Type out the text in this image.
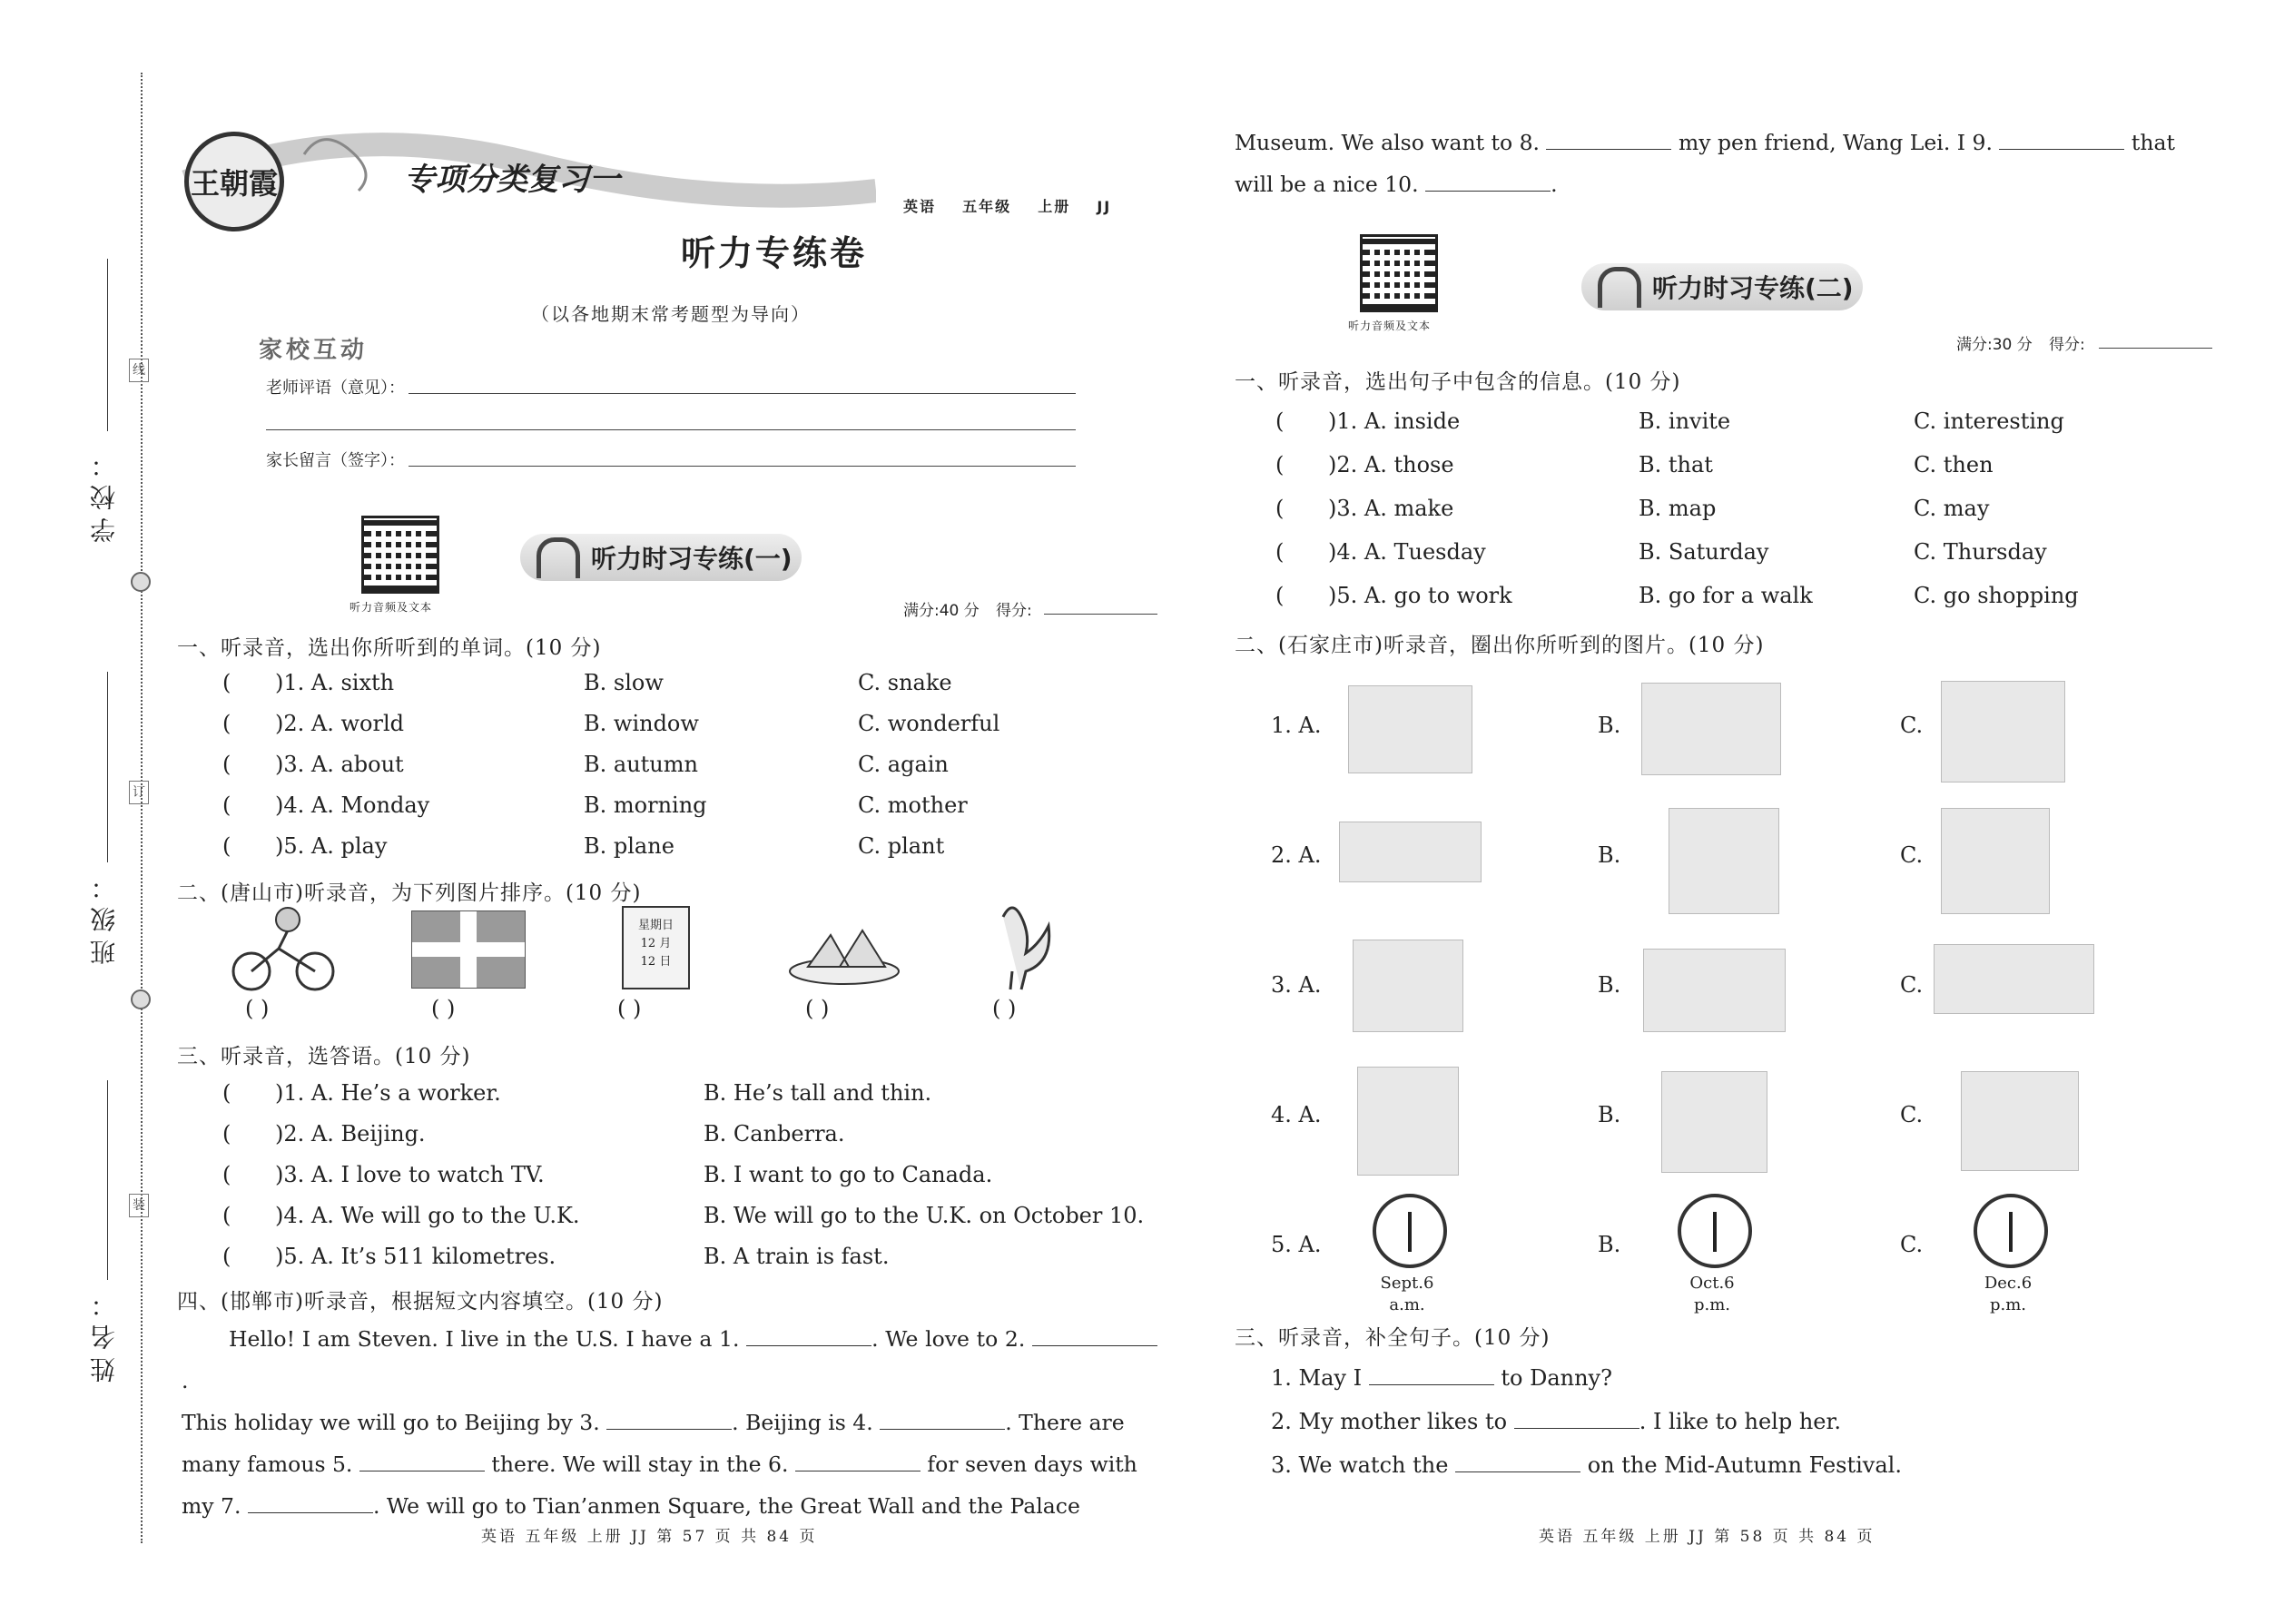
线
订
装
学校：
班级：
姓名：
王朝霞	专项分类复习一
英语 五年级 上册 JJ
听力专练卷
（以各地期末常考题型为导向）
家校互动
老师评语（意见）：
家长留言（签字）：
听力音频及文本
听力时习专练(一)
满分:40 分 得分:
一、听录音，选出你所听到的单词。(10 分)
( )1. A. sixth	B. slow	C. snake
( )2. A. world	B. window	C. wonderful
( )3. A. about	B. autumn	C. again
( )4. A. Monday	B. morning	C. mother
( )5. A. play	B. plane	C. plant
二、(唐山市)听录音，为下列图片排序。(10 分)
星期日
12 月
12 日
( )	( )	( )	( )	( )
三、听录音，选答语。(10 分)
( )1. A. He’s a worker.	B. He’s tall and thin.
( )2. A. Beijing.	B. Canberra.
( )3. A. I love to watch TV.	B. I want to go to Canada.
( )4. A. We will go to the U.K.	B. We will go to the U.K. on October 10.
( )5. A. It’s 511 kilometres.	B. A train is fast.
四、(邯郸市)听录音，根据短文内容填空。(10 分)
Hello! I am Steven. I live in the U.S. I have a 1.	. We love to 2. .
This holiday we will go to Beijing by 3.	. Beijing is 4.	. There are
many famous 5.	there. We will stay in the 6.	for seven days with
my 7.	. We will go to Tian’anmen Square, the Great Wall and the Palace
英语 五年级 上册 JJ 第 57 页 共 84 页
Museum. We also want to 8.	my pen friend, Wang Lei. I 9.	that
will be a nice 10.	.
听力音频及文本
听力时习专练(二)
满分:30 分 得分:
一、听录音，选出句子中包含的信息。(10 分)
( )1. A. inside	B. invite	C. interesting
( )2. A. those	B. that	C. then
( )3. A. make	B. map	C. may
( )4. A. Tuesday	B. Saturday	C. Thursday
( )5. A. go to work	B. go for a walk	C. go shopping
二、(石家庄市)听录音，圈出你所听到的图片。(10 分)
1. A.	B.	C.
2. A.	B.	C.
3. A.	B.	C.
4. A.	B.	C.
5. A.	B.	C.
Sept.6
a.m.
Oct.6
p.m.
Dec.6
p.m.
三、听录音，补全句子。(10 分)
1. May I	to Danny?
2. My mother likes to	. I like to help her.
3. We watch the	on the Mid-Autumn Festival.
英语 五年级 上册 JJ 第 58 页 共 84 页
